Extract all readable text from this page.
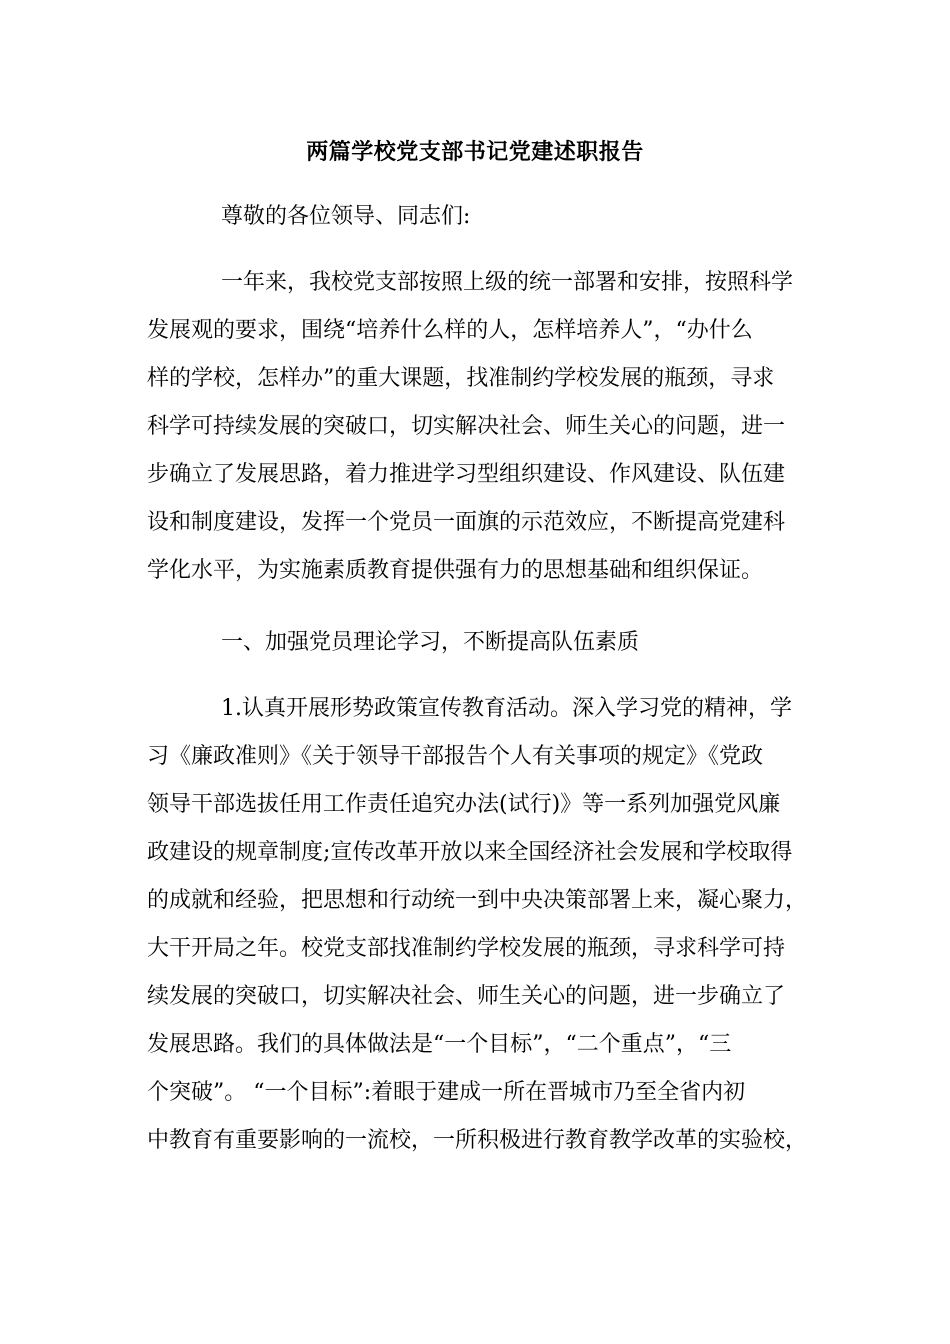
两篇学校党支部书记党建述职报告
尊敬的各位领导、同志们:
一年来，我校党支部按照上级的统一部署和安排，按照科学
发展观的要求，围绕“培养什么样的人，怎样培养人”，“办什么
样的学校，怎样办”的重大课题，找准制约学校发展的瓶颈，寻求
科学可持续发展的突破口，切实解决社会、师生关心的问题，进一
步确立了发展思路，着力推进学习型组织建设、作风建设、队伍建
设和制度建设，发挥一个党员一面旗的示范效应，不断提高党建科
学化水平，为实施素质教育提供强有力的思想基础和组织保证。
一、加强党员理论学习，不断提高队伍素质
1.认真开展形势政策宣传教育活动。深入学习党的精神，学
习《廉政准则》《关于领导干部报告个人有关事项的规定》《党政
领导干部选拔任用工作责任追究办法(试行)》等一系列加强党风廉
政建设的规章制度;宣传改革开放以来全国经济社会发展和学校取得
的成就和经验，把思想和行动统一到中央决策部署上来，凝心聚力，
大干开局之年。校党支部找准制约学校发展的瓶颈，寻求科学可持
续发展的突破口，切实解决社会、师生关心的问题，进一步确立了
发展思路。我们的具体做法是“一个目标”，“二个重点”，“三
个突破”。 “一个目标”:着眼于建成一所在晋城市乃至全省内初
中教育有重要影响的一流校，一所积极进行教育教学改革的实验校，
